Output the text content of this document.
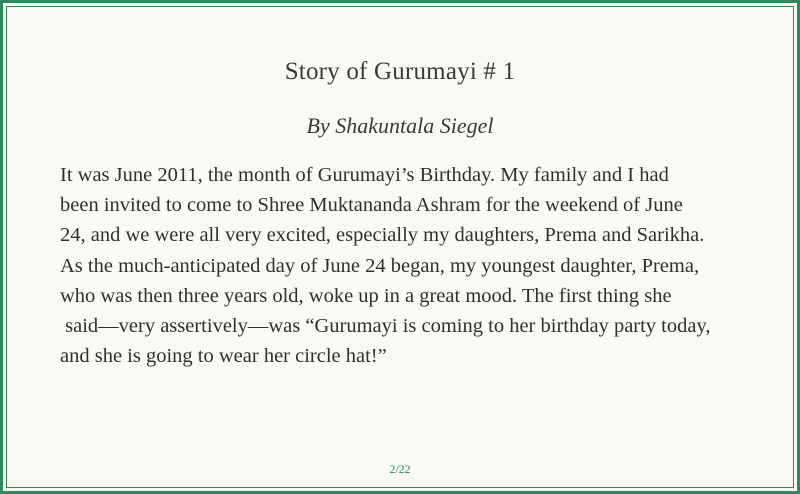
Story of Gurumayi # 1
By Shakuntala Siegel
It was June 2011, the month of Gurumayi’s Birthday. My family and I had
been invited to come to Shree Muktananda Ashram for the weekend of June
24, and we were all very excited, especially my daughters, Prema and Sarikha.
As the much-anticipated day of June 24 began, my youngest daughter, Prema,
who was then three years old, woke up in a great mood. The first thing she
said—very assertively—was “Gurumayi is coming to her birthday party today,
and she is going to wear her circle hat!”
2/22
